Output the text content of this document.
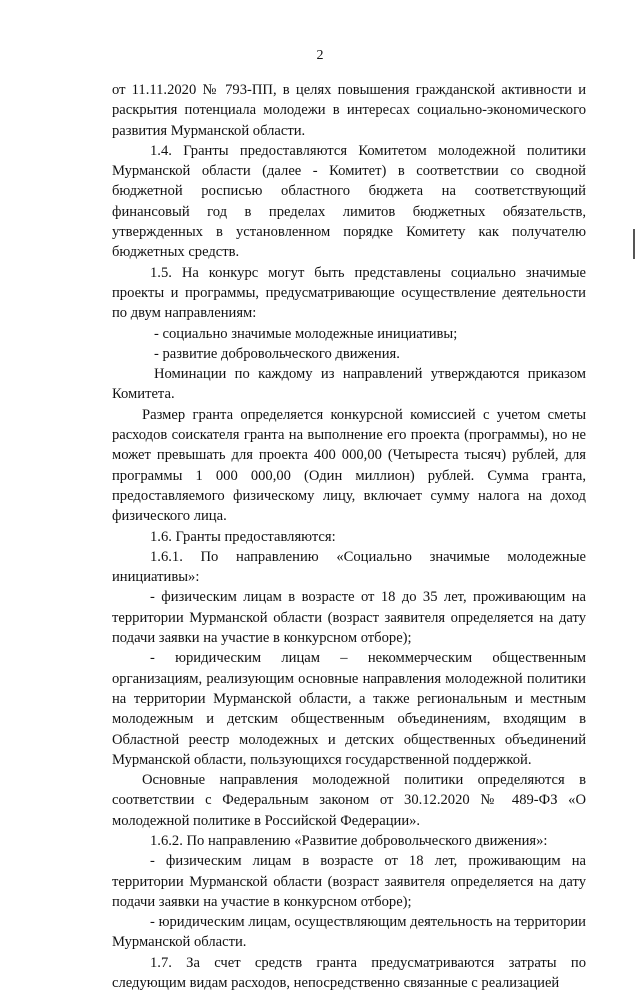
2

от 11.11.2020 № 793-ПП, в целях повышения гражданской активности и раскрытия потенциала молодежи в интересах социально-экономического развития Мурманской области.

1.4. Гранты предоставляются Комитетом молодежной политики Мурманской области (далее - Комитет) в соответствии со сводной бюджетной росписью областного бюджета на соответствующий финансовый год в пределах лимитов бюджетных обязательств, утвержденных в установленном порядке Комитету как получателю бюджетных средств.

1.5. На конкурс могут быть представлены социально значимые проекты и программы, предусматривающие осуществление деятельности по двум направлениям:

- социально значимые молодежные инициативы;

- развитие добровольческого движения.

Номинации по каждому из направлений утверждаются приказом Комитета.

Размер гранта определяется конкурсной комиссией с учетом сметы расходов соискателя гранта на выполнение его проекта (программы), но не может превышать для проекта 400 000,00 (Четыреста тысяч) рублей, для программы 1 000 000,00 (Один миллион) рублей. Сумма гранта, предоставляемого физическому лицу, включает сумму налога на доход физического лица.

1.6. Гранты предоставляются:

1.6.1. По направлению «Социально значимые молодежные инициативы»:

- физическим лицам в возрасте от 18 до 35 лет, проживающим на территории Мурманской области (возраст заявителя определяется на дату подачи заявки на участие в конкурсном отборе);

- юридическим лицам – некоммерческим общественным организациям, реализующим основные направления молодежной политики на территории Мурманской области, а также региональным и местным молодежным и детским общественным объединениям, входящим в Областной реестр молодежных и детских общественных объединений Мурманской области, пользующихся государственной поддержкой.

Основные направления молодежной политики определяются в соответствии с Федеральным законом от 30.12.2020 № 489-ФЗ «О молодежной политике в Российской Федерации».

1.6.2. По направлению «Развитие добровольческого движения»:

- физическим лицам в возрасте от 18 лет, проживающим на территории Мурманской области (возраст заявителя определяется на дату подачи заявки на участие в конкурсном отборе);

- юридическим лицам, осуществляющим деятельность на территории Мурманской области.

1.7. За счет средств гранта предусматриваются затраты по следующим видам расходов, непосредственно связанные с реализацией
